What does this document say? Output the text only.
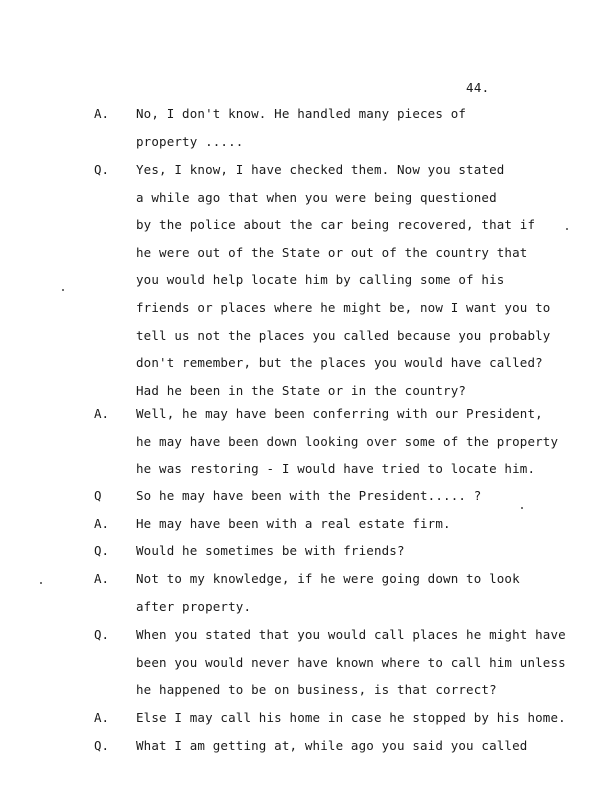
44.
A. No, I don't know. He handled many pieces of
property .....
Q. Yes, I know, I have checked them. Now you stated
a while ago that when you were being questioned
by the police about the car being recovered, that if
he were out of the State or out of the country that
you would help locate him by calling some of his
friends or places where he might be, now I want you to
tell us not the places you called because you probably
don't remember, but the places you would have called?
Had he been in the State or in the country?
A. Well, he may have been conferring with our President,
he may have been down looking over some of the property
he was restoring - I would have tried to locate him.
Q	So he may have been with the President..... ?
A. He may have been with a real estate firm.
Q. Would he sometimes be with friends?
A. Not to my knowledge, if he were going down to look
after property.
Q. When you stated that you would call places he might have
been you would never have known where to call him unless
he happened to be on business, is that correct?
A. Else I may call his home in case he stopped by his home.
Q. What I am getting at, while ago you said you called
